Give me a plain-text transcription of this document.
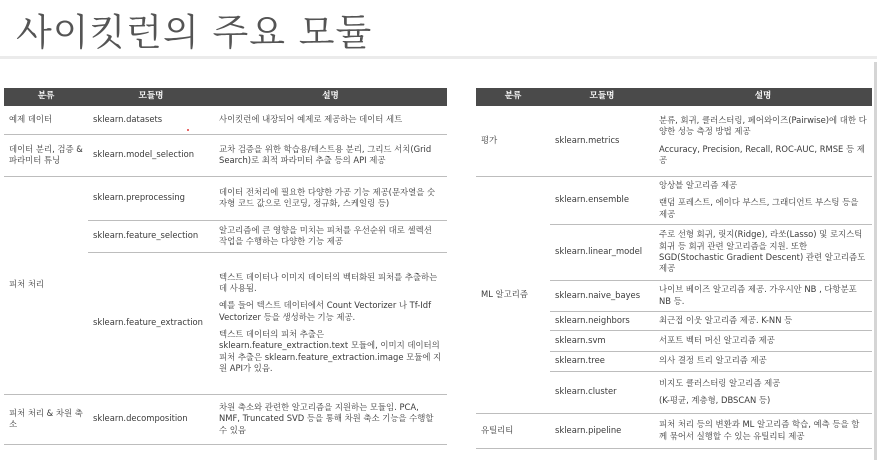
사이킷런의 주요 모듈
분류	모듈명	설명
예제 데이터	sklearn.datasets	사이킷런에 내장되어 예제로 제공하는 데이터 세트

데이터 분리, 검증 & 파라미터 튜닝	sklearn.model_selection	교차 검증을 위한 학습용/테스트용 분리, 그리드 서치(Grid Search)로 최적 파라미터 추출 등의 API 제공

피처 처리	sklearn.preprocessing	데이터 전처리에 필요한 다양한 가공 기능 제공(문자열을 숫자형 코드 값으로 인코딩, 정규화, 스케일링 등)

	sklearn.feature_selection	알고리즘에 큰 영향을 미치는 피처를 우선순위 대로 셀렉션 작업을 수행하는 다양한 기능 제공

	sklearn.feature_extraction	텍스트 데이터나 이미지 데이터의 벡터화된 피처를 추출하는 데 사용됨.
예를 들어 텍스트 데이터에서 Count Vectorizer 나 Tf-Idf Vectorizer 등을 생성하는 기능 제공.
텍스트 데이터의 피처 추출은 sklearn.feature_extraction.text 모듈에, 이미지 데이터의 피처 추출은 sklearn.feature_extraction.image 모듈에 지원 API가 있음.

피처 처리 & 차원 축소	sklearn.decomposition	차원 축소와 관련한 알고리즘을 지원하는 모듈임. PCA, NMF, Truncated SVD 등을 통해 차원 축소 기능을 수행할 수 있음
분류	모듈명	설명
평가	sklearn.metrics	분류, 회귀, 클러스터링, 페어와이즈(Pairwise)에 대한 다양한 성능 측정 방법 제공
Accuracy, Precision, Recall, ROC-AUC, RMSE 등 제공

ML 알고리즘	sklearn.ensemble	앙상블 알고리즘 제공
랜덤 포레스트, 에이다 부스트, 그래디언트 부스팅 등을 제공

	sklearn.linear_model	주로 선형 회귀, 릿지(Ridge), 라쏘(Lasso) 및 로지스틱 회귀 등 회귀 관련 알고리즘을 지원. 또한 SGD(Stochastic Gradient Descent) 관련 알고리즘도 제공

	sklearn.naive_bayes	나이브 베이즈 알고리즘 제공. 가우시안 NB , 다항분포 NB 등.

	sklearn.neighbors	최근접 이웃 알고리즘 제공. K-NN 등

	sklearn.svm	서포트 벡터 머신 알고리즘 제공

	sklearn.tree	의사 결정 트리 알고리즘 제공

	sklearn.cluster	비지도 클러스터링 알고리즘 제공
(K-평균, 계층형, DBSCAN 등)

유틸리티	sklearn.pipeline	피처 처리 등의 변환과 ML 알고리즘 학습, 예측 등을 함께 묶어서 실행할 수 있는 유틸리티 제공
